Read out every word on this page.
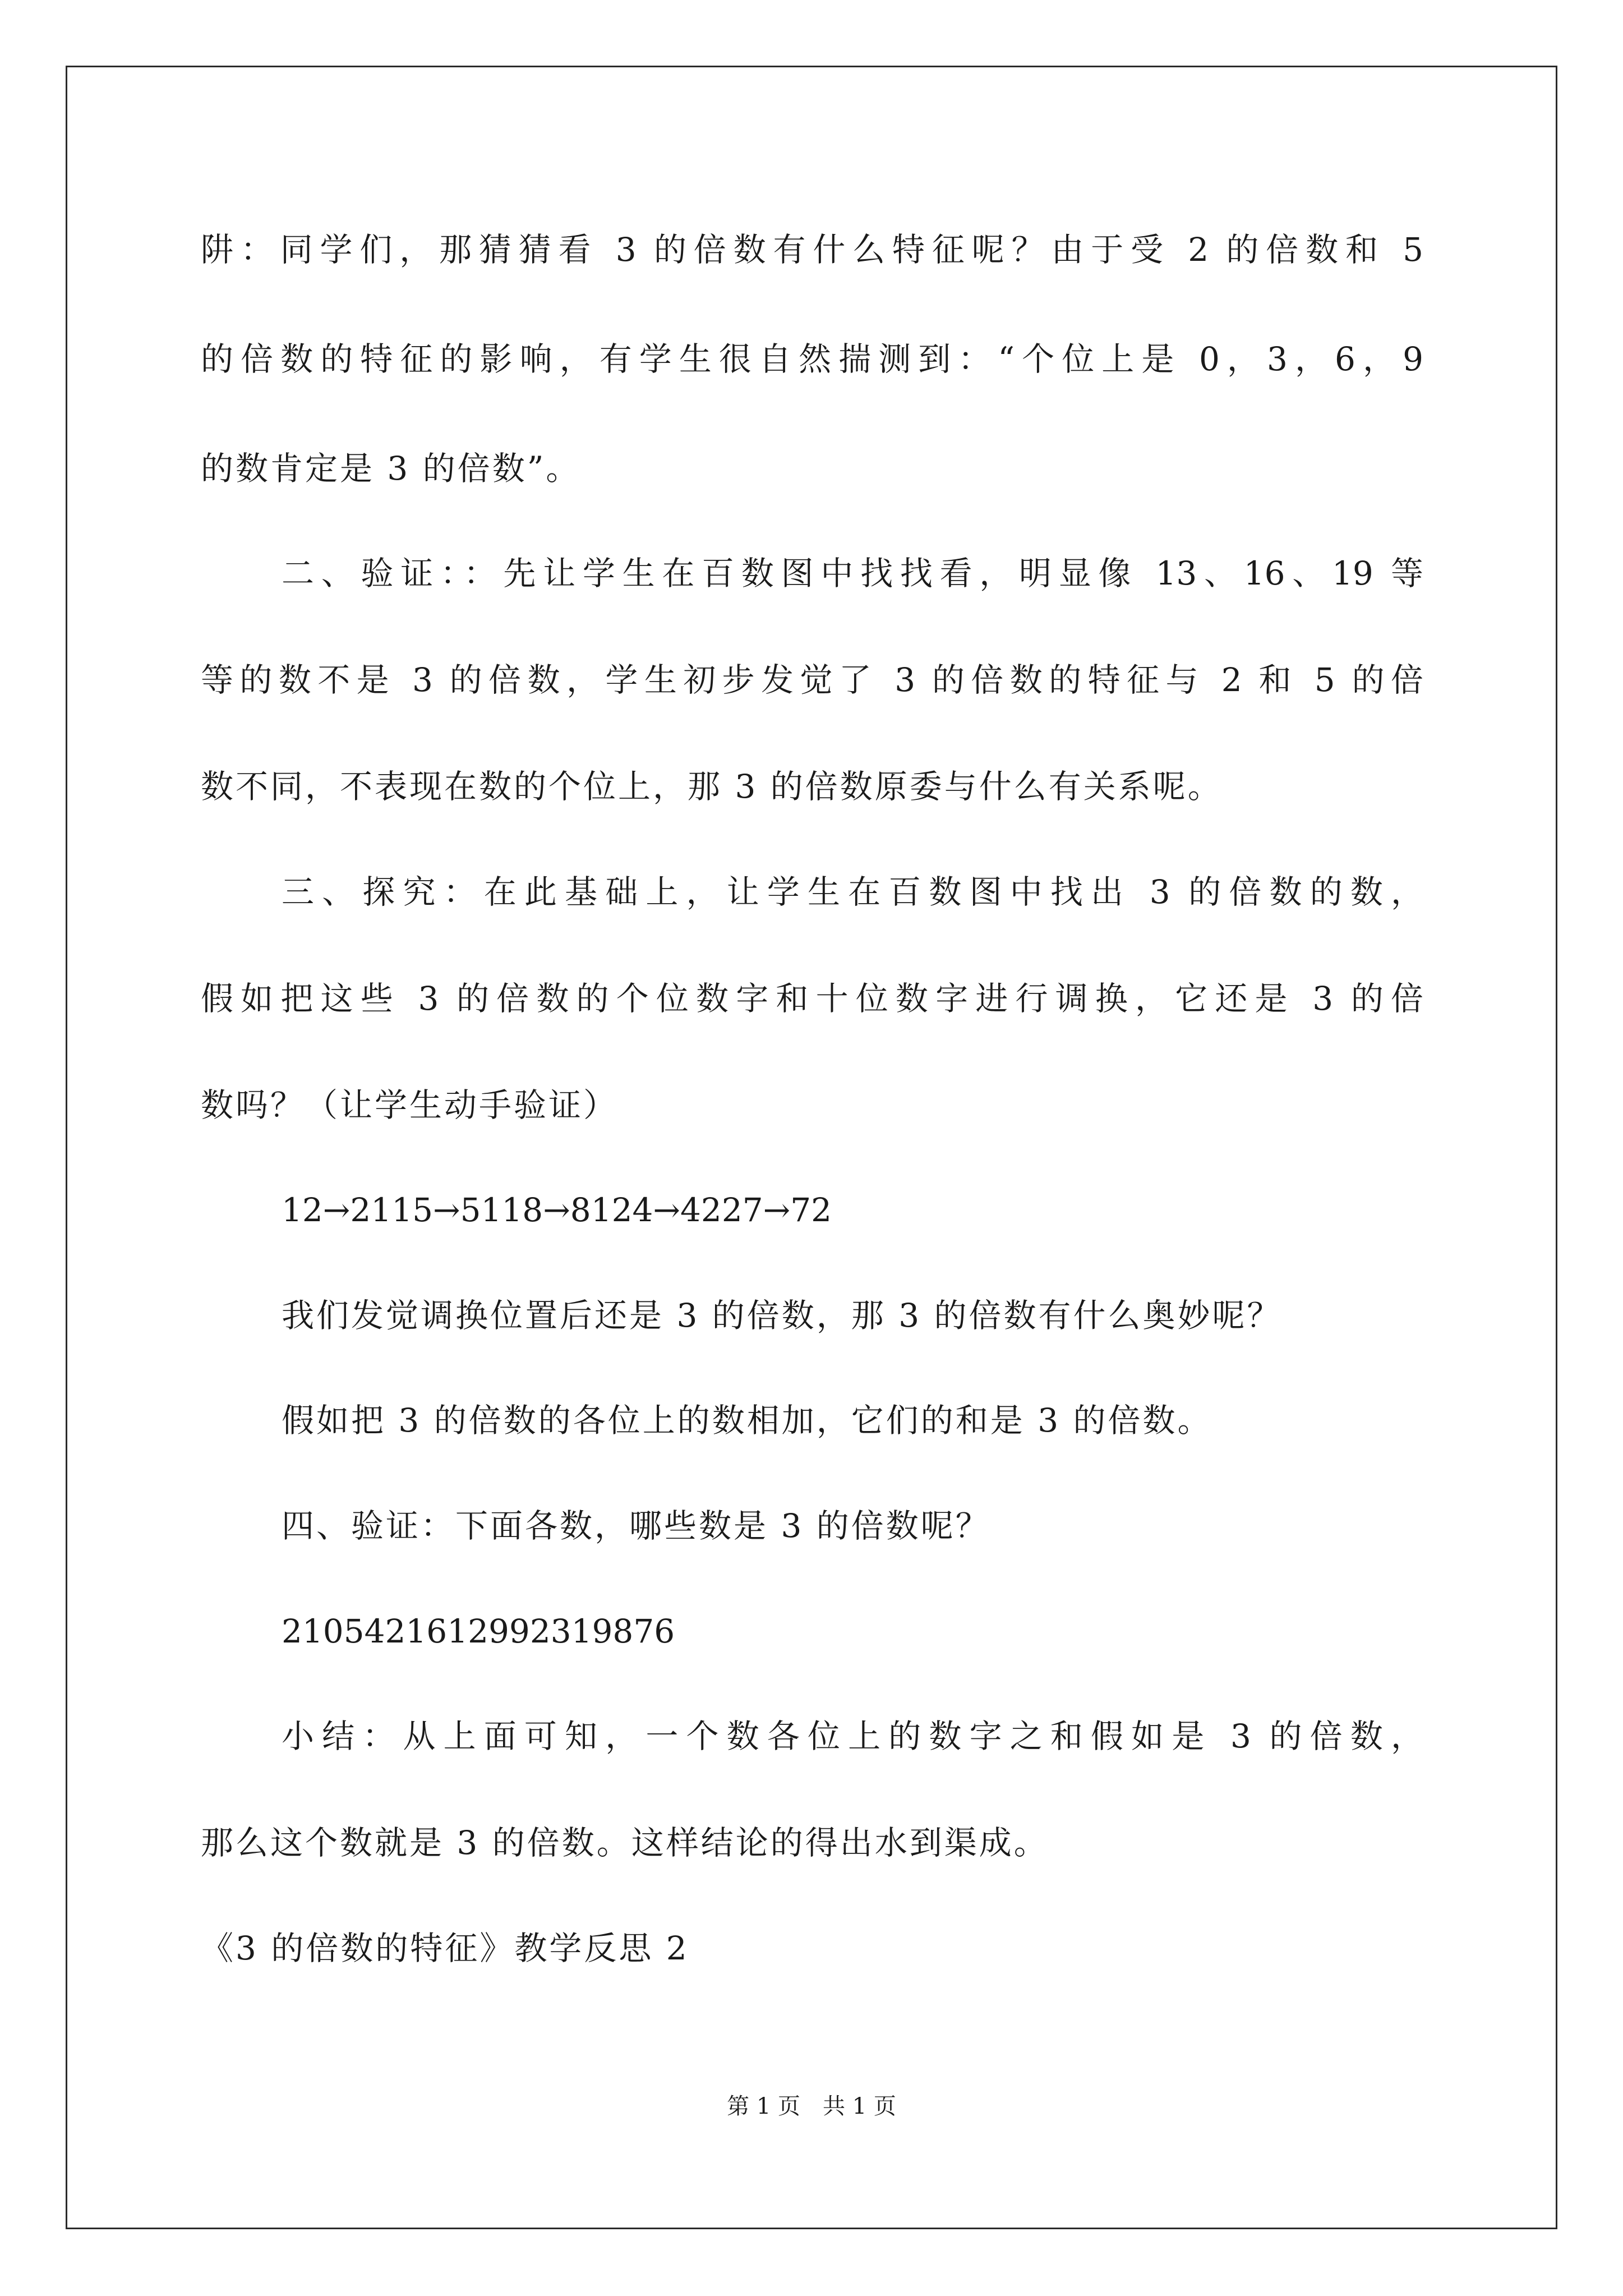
阱：同学们，那猜猜看 3 的倍数有什么特征呢？由于受 2 的倍数和 5
的倍数的特征的影响，有学生很自然揣测到：“个位上是 0，3，6，9
的数肯定是 3 的倍数”。
二、验证：：先让学生在百数图中找找看，明显像 13、16、19 等
等的数不是 3 的倍数，学生初步发觉了 3 的倍数的特征与 2 和 5 的倍
数不同，不表现在数的个位上，那 3 的倍数原委与什么有关系呢。
三、探究：在此基础上，让学生在百数图中找出 3 的倍数的数，
假如把这些 3 的倍数的个位数字和十位数字进行调换，它还是 3 的倍
数吗？（让学生动手验证）
12→2115→5118→8124→4227→72
我们发觉调换位置后还是 3 的倍数，那 3 的倍数有什么奥妙呢？
假如把 3 的倍数的各位上的数相加，它们的和是 3 的倍数。
四、验证：下面各数，哪些数是 3 的倍数呢？
2105421612992319876
小结：从上面可知，一个数各位上的数字之和假如是 3 的倍数，
那么这个数就是 3 的倍数。这样结论的得出水到渠成。
《3 的倍数的特征》教学反思 2
第 1 页　共 1 页
